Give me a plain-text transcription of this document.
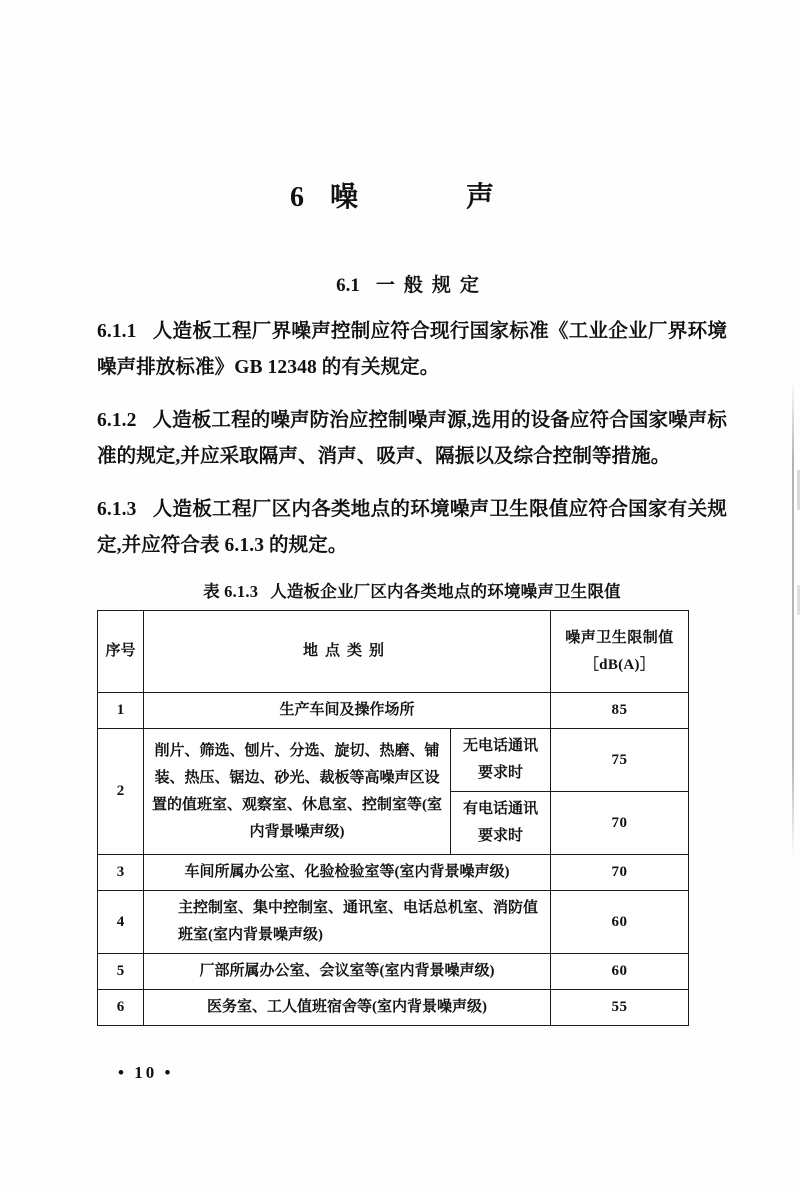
6 噪　声
6.1 一般规定

6.1.1 人造板工程厂界噪声控制应符合现行国家标准《工业企业厂界环境噪声排放标准》GB 12348 的有关规定。

6.1.2 人造板工程的噪声防治应控制噪声源,选用的设备应符合国家噪声标准的规定,并应采取隔声、消声、吸声、隔振以及综合控制等措施。

6.1.3 人造板工程厂区内各类地点的环境噪声卫生限值应符合国家有关规定,并应符合表 6.1.3 的规定。

表 6.1.3 人造板企业厂区内各类地点的环境噪声卫生限值

序号	地点类别		噪声卫生限制值
［dB(A)］

1	生产车间及操作场所		85
2	削片、筛选、刨片、分选、旋切、热磨、铺装、热压、锯边、砂光、裁板等高噪声区设置的值班室、观察室、休息室、控制室等(室内背景噪声级)	无电话通讯要求时	75
		有电话通讯要求时	70
3	车间所属办公室、化验检验室等(室内背景噪声级)		70
4	主控制室、集中控制室、通讯室、电话总机室、消防值班室(室内背景噪声级)		60
5	厂部所属办公室、会议室等(室内背景噪声级)		60
6	医务室、工人值班宿舍等(室内背景噪声级)		55
• 10 •
